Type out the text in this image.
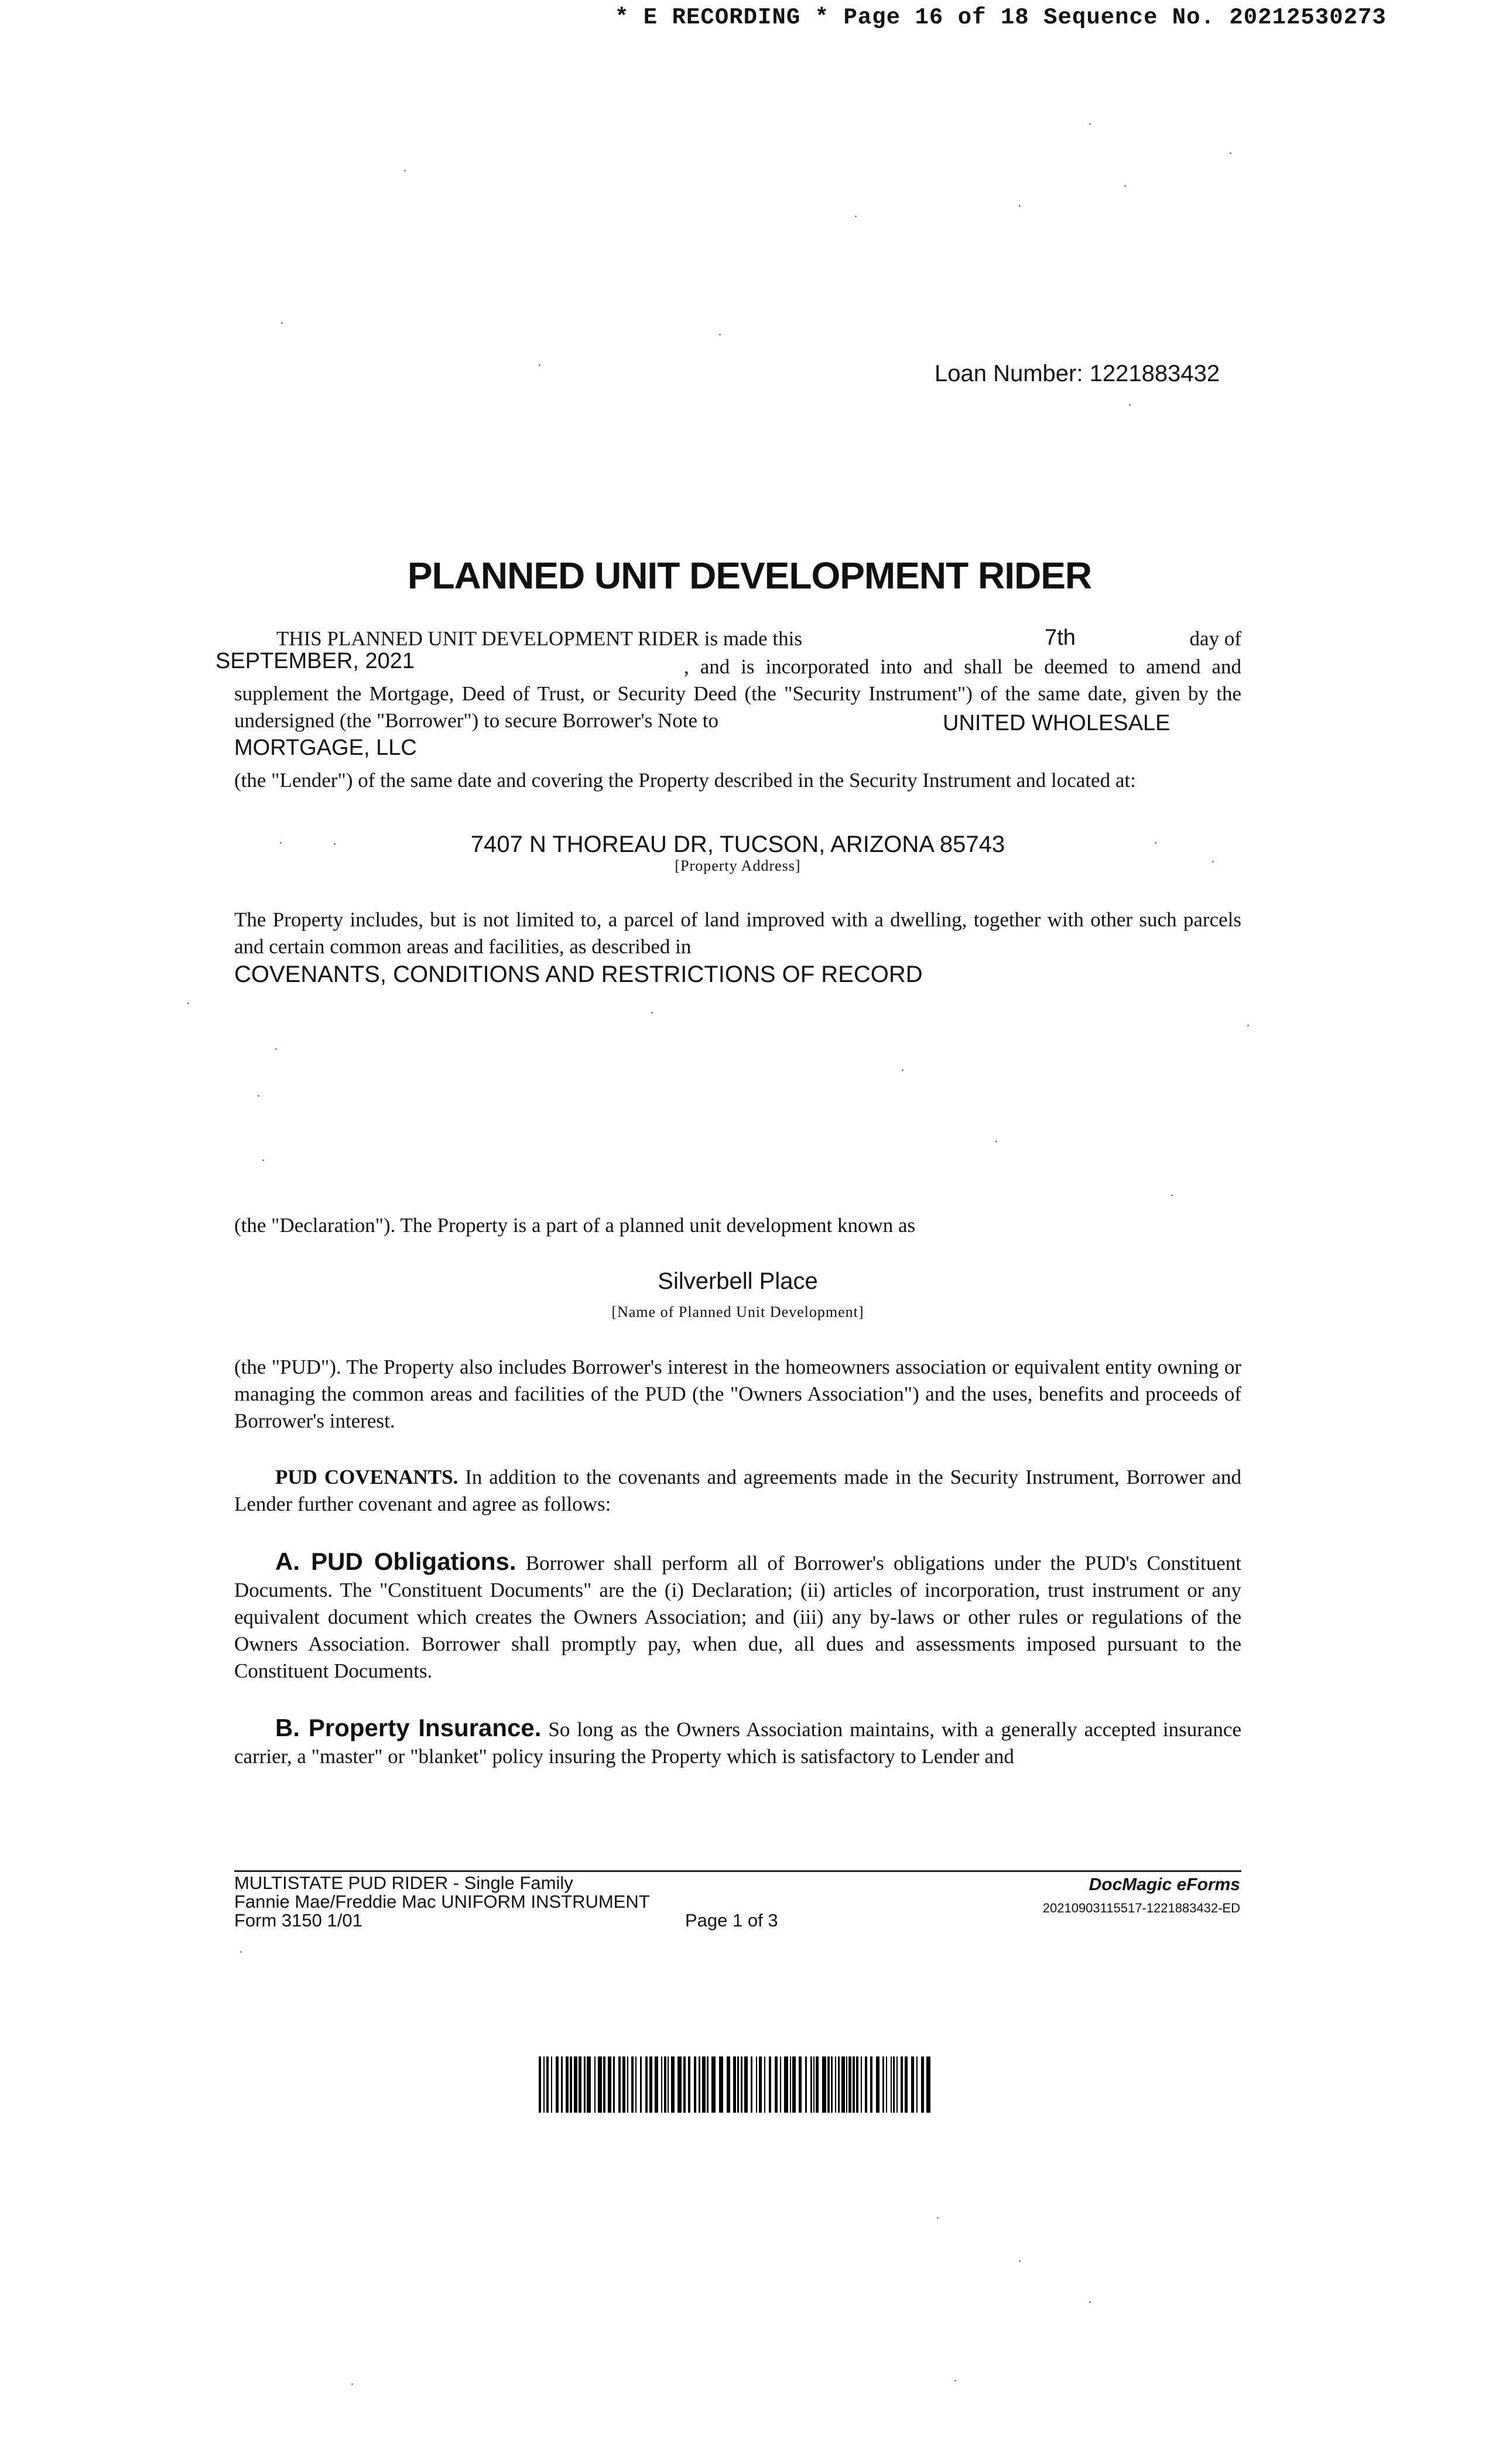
* E RECORDING * Page 16 of 18 Sequence No. 20212530273
Loan Number: 1221883432
PLANNED UNIT DEVELOPMENT RIDER
THIS PLANNED UNIT DEVELOPMENT RIDER is made this	7th	day of
SEPTEMBER, 2021	, and is incorporated into and shall be deemed to amend and supplement the Mortgage, Deed of Trust, or Security Deed (the "Security Instrument") of the same date, given by the undersigned (the "Borrower") to secure Borrower's Note to	UNITED WHOLESALE
MORTGAGE, LLC
(the "Lender") of the same date and covering the Property described in the Security Instrument and located at:
7407 N THOREAU DR, TUCSON, ARIZONA 85743
[Property Address]
The Property includes, but is not limited to, a parcel of land improved with a dwelling, together with other such parcels and certain common areas and facilities, as described in
COVENANTS, CONDITIONS AND RESTRICTIONS OF RECORD
(the "Declaration"). The Property is a part of a planned unit development known as
Silverbell Place
[Name of Planned Unit Development]
(the "PUD"). The Property also includes Borrower's interest in the homeowners association or equivalent entity owning or managing the common areas and facilities of the PUD (the "Owners Association") and the uses, benefits and proceeds of Borrower's interest.
PUD COVENANTS. In addition to the covenants and agreements made in the Security Instrument, Borrower and Lender further covenant and agree as follows:
A. PUD Obligations. Borrower shall perform all of Borrower's obligations under the PUD's Constituent Documents. The "Constituent Documents" are the (i) Declaration; (ii) articles of incorporation, trust instrument or any equivalent document which creates the Owners Association; and (iii) any by-laws or other rules or regulations of the Owners Association. Borrower shall promptly pay, when due, all dues and assessments imposed pursuant to the Constituent Documents.
B. Property Insurance. So long as the Owners Association maintains, with a generally accepted insurance carrier, a "master" or "blanket" policy insuring the Property which is satisfactory to Lender and
MULTISTATE PUD RIDER - Single Family
Fannie Mae/Freddie Mac UNIFORM INSTRUMENT
Form 3150 1/01	Page 1 of 3
DocMagic eForms
20210903115517-1221883432-ED
